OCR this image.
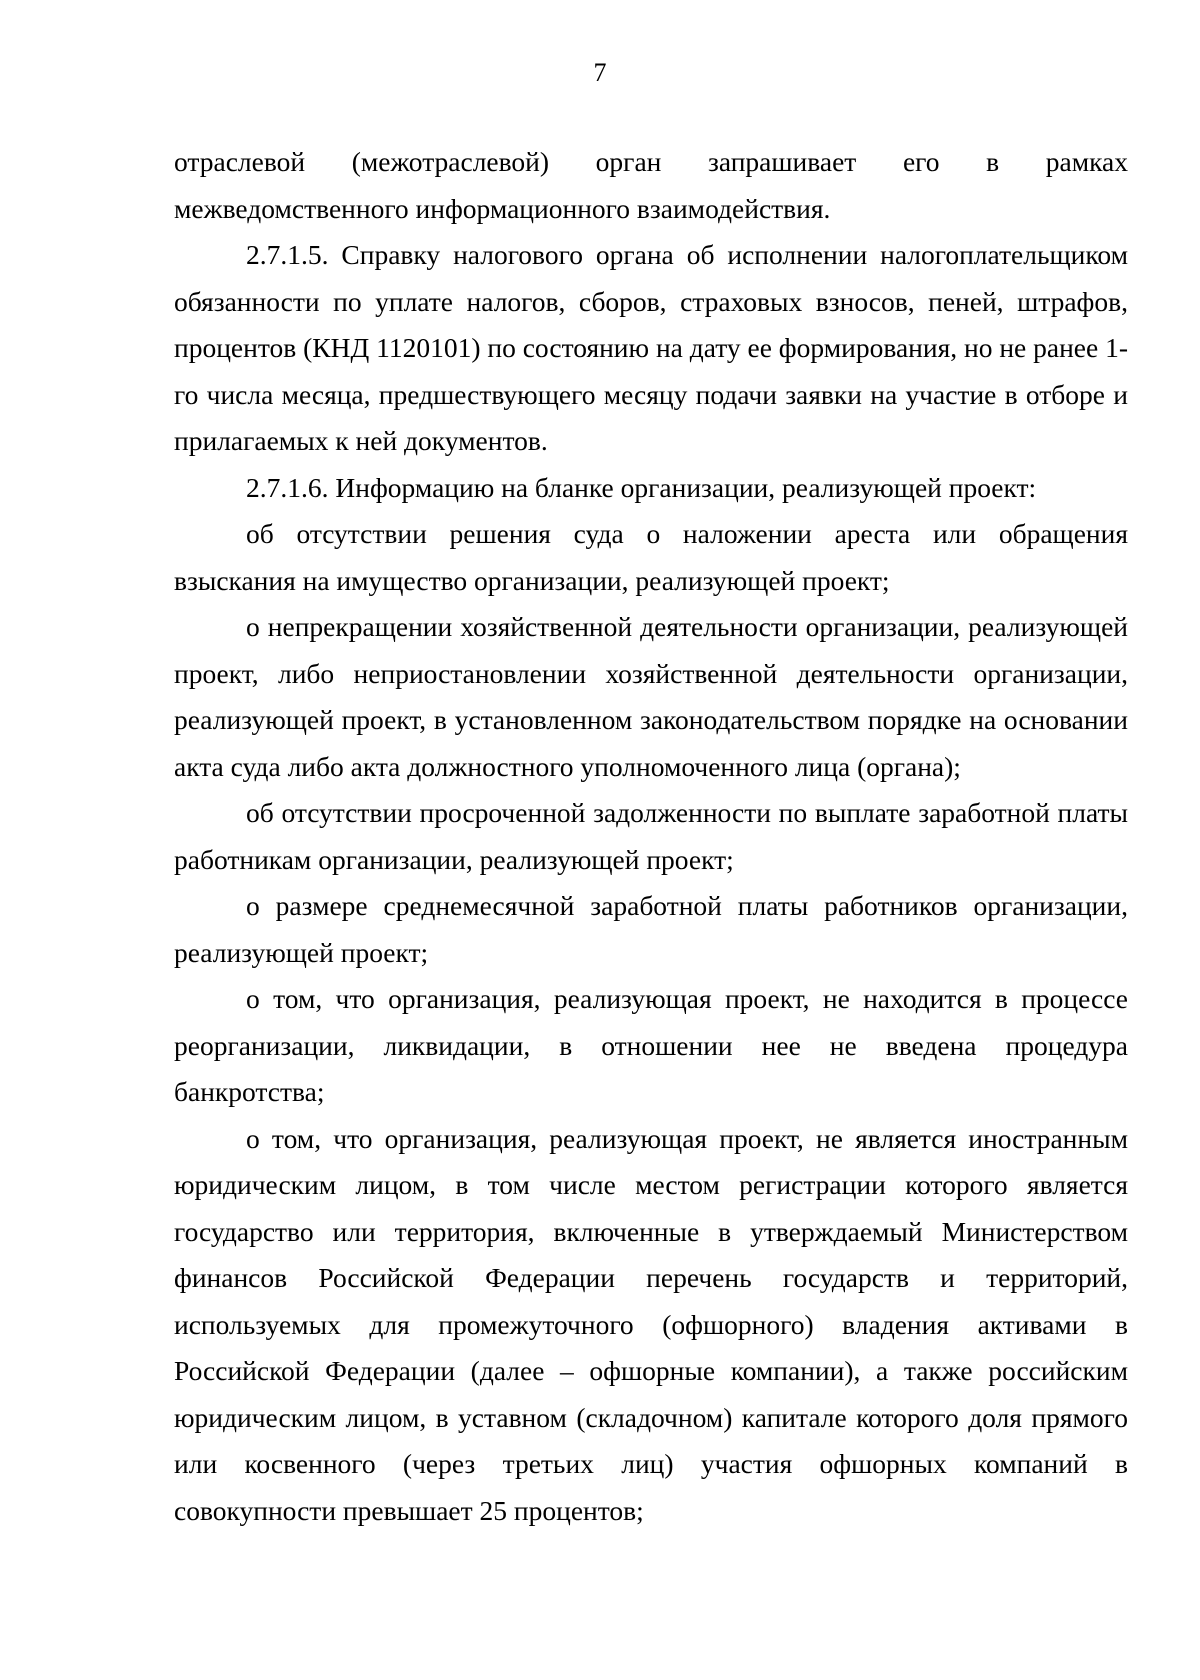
7

отраслевой (межотраслевой) орган запрашивает его в рамках межведомственного информационного взаимодействия.

2.7.1.5. Справку налогового органа об исполнении налогоплательщиком обязанности по уплате налогов, сборов, страховых взносов, пеней, штрафов, процентов (КНД 1120101) по состоянию на дату ее формирования, но не ранее 1-го числа месяца, предшествующего месяцу подачи заявки на участие в отборе и прилагаемых к ней документов.

2.7.1.6. Информацию на бланке организации, реализующей проект:

об отсутствии решения суда о наложении ареста или обращения взыскания на имущество организации, реализующей проект;

о непрекращении хозяйственной деятельности организации, реализующей проект, либо неприостановлении хозяйственной деятельности организации, реализующей проект, в установленном законодательством порядке на основании акта суда либо акта должностного уполномоченного лица (органа);

об отсутствии просроченной задолженности по выплате заработной платы работникам организации, реализующей проект;

о размере среднемесячной заработной платы работников организации, реализующей проект;

о том, что организация, реализующая проект, не находится в процессе реорганизации, ликвидации, в отношении нее не введена процедура банкротства;

о том, что организация, реализующая проект, не является иностранным юридическим лицом, в том числе местом регистрации которого является государство или территория, включенные в утверждаемый Министерством финансов Российской Федерации перечень государств и территорий, используемых для промежуточного (офшорного) владения активами в Российской Федерации (далее – офшорные компании), а также российским юридическим лицом, в уставном (складочном) капитале которого доля прямого или косвенного (через третьих лиц) участия офшорных компаний в совокупности превышает 25 процентов;
